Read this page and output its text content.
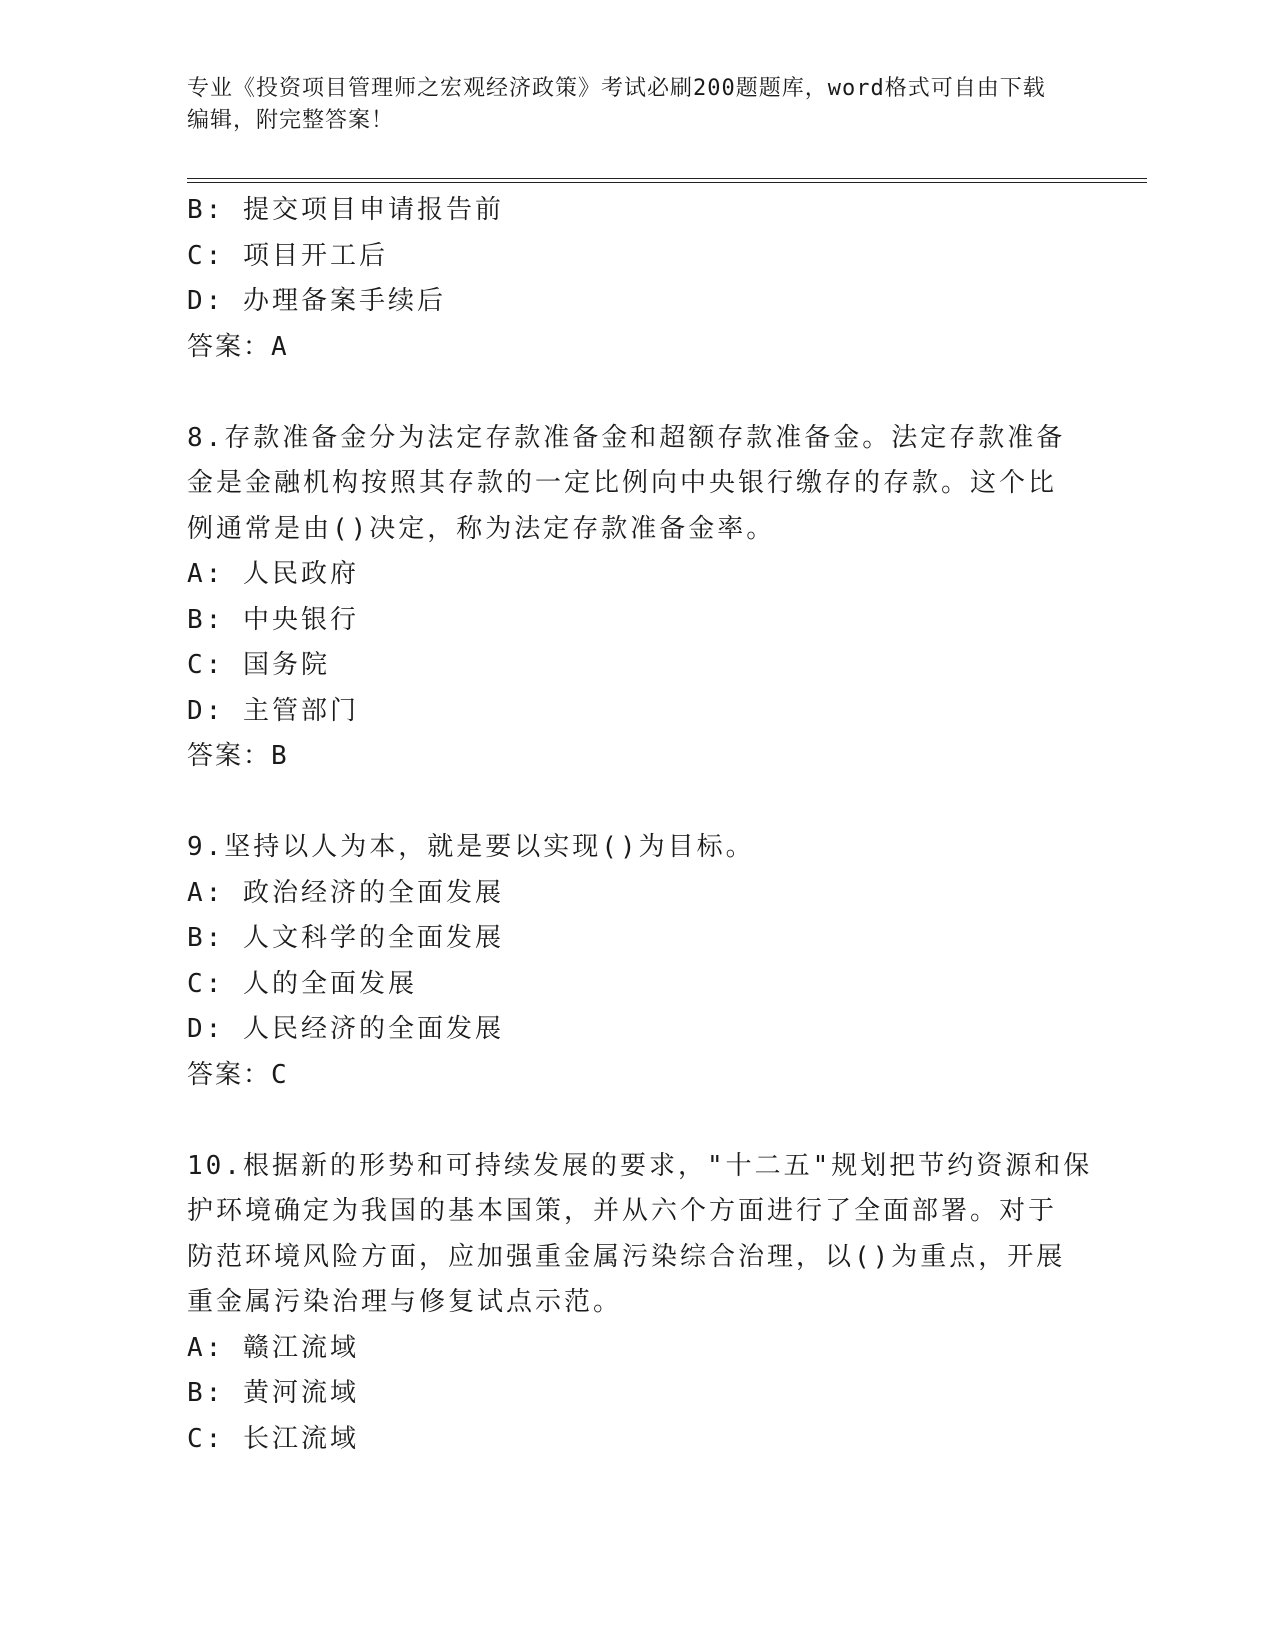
专业《投资项目管理师之宏观经济政策》考试必刷200题题库，word格式可自由下载编辑，附完整答案！
B: 提交项目申请报告前
C: 项目开工后
D: 办理备案手续后
答案：A
8.存款准备金分为法定存款准备金和超额存款准备金。法定存款准备
金是金融机构按照其存款的一定比例向中央银行缴存的存款。这个比
例通常是由()决定，称为法定存款准备金率。
A: 人民政府
B: 中央银行
C: 国务院
D: 主管部门
答案：B
9.坚持以人为本，就是要以实现()为目标。
A: 政治经济的全面发展
B: 人文科学的全面发展
C: 人的全面发展
D: 人民经济的全面发展
答案：C
10.根据新的形势和可持续发展的要求，"十二五"规划把节约资源和保
护环境确定为我国的基本国策，并从六个方面进行了全面部署。对于
防范环境风险方面，应加强重金属污染综合治理，以()为重点，开展
重金属污染治理与修复试点示范。
A: 赣江流域
B: 黄河流域
C: 长江流域
